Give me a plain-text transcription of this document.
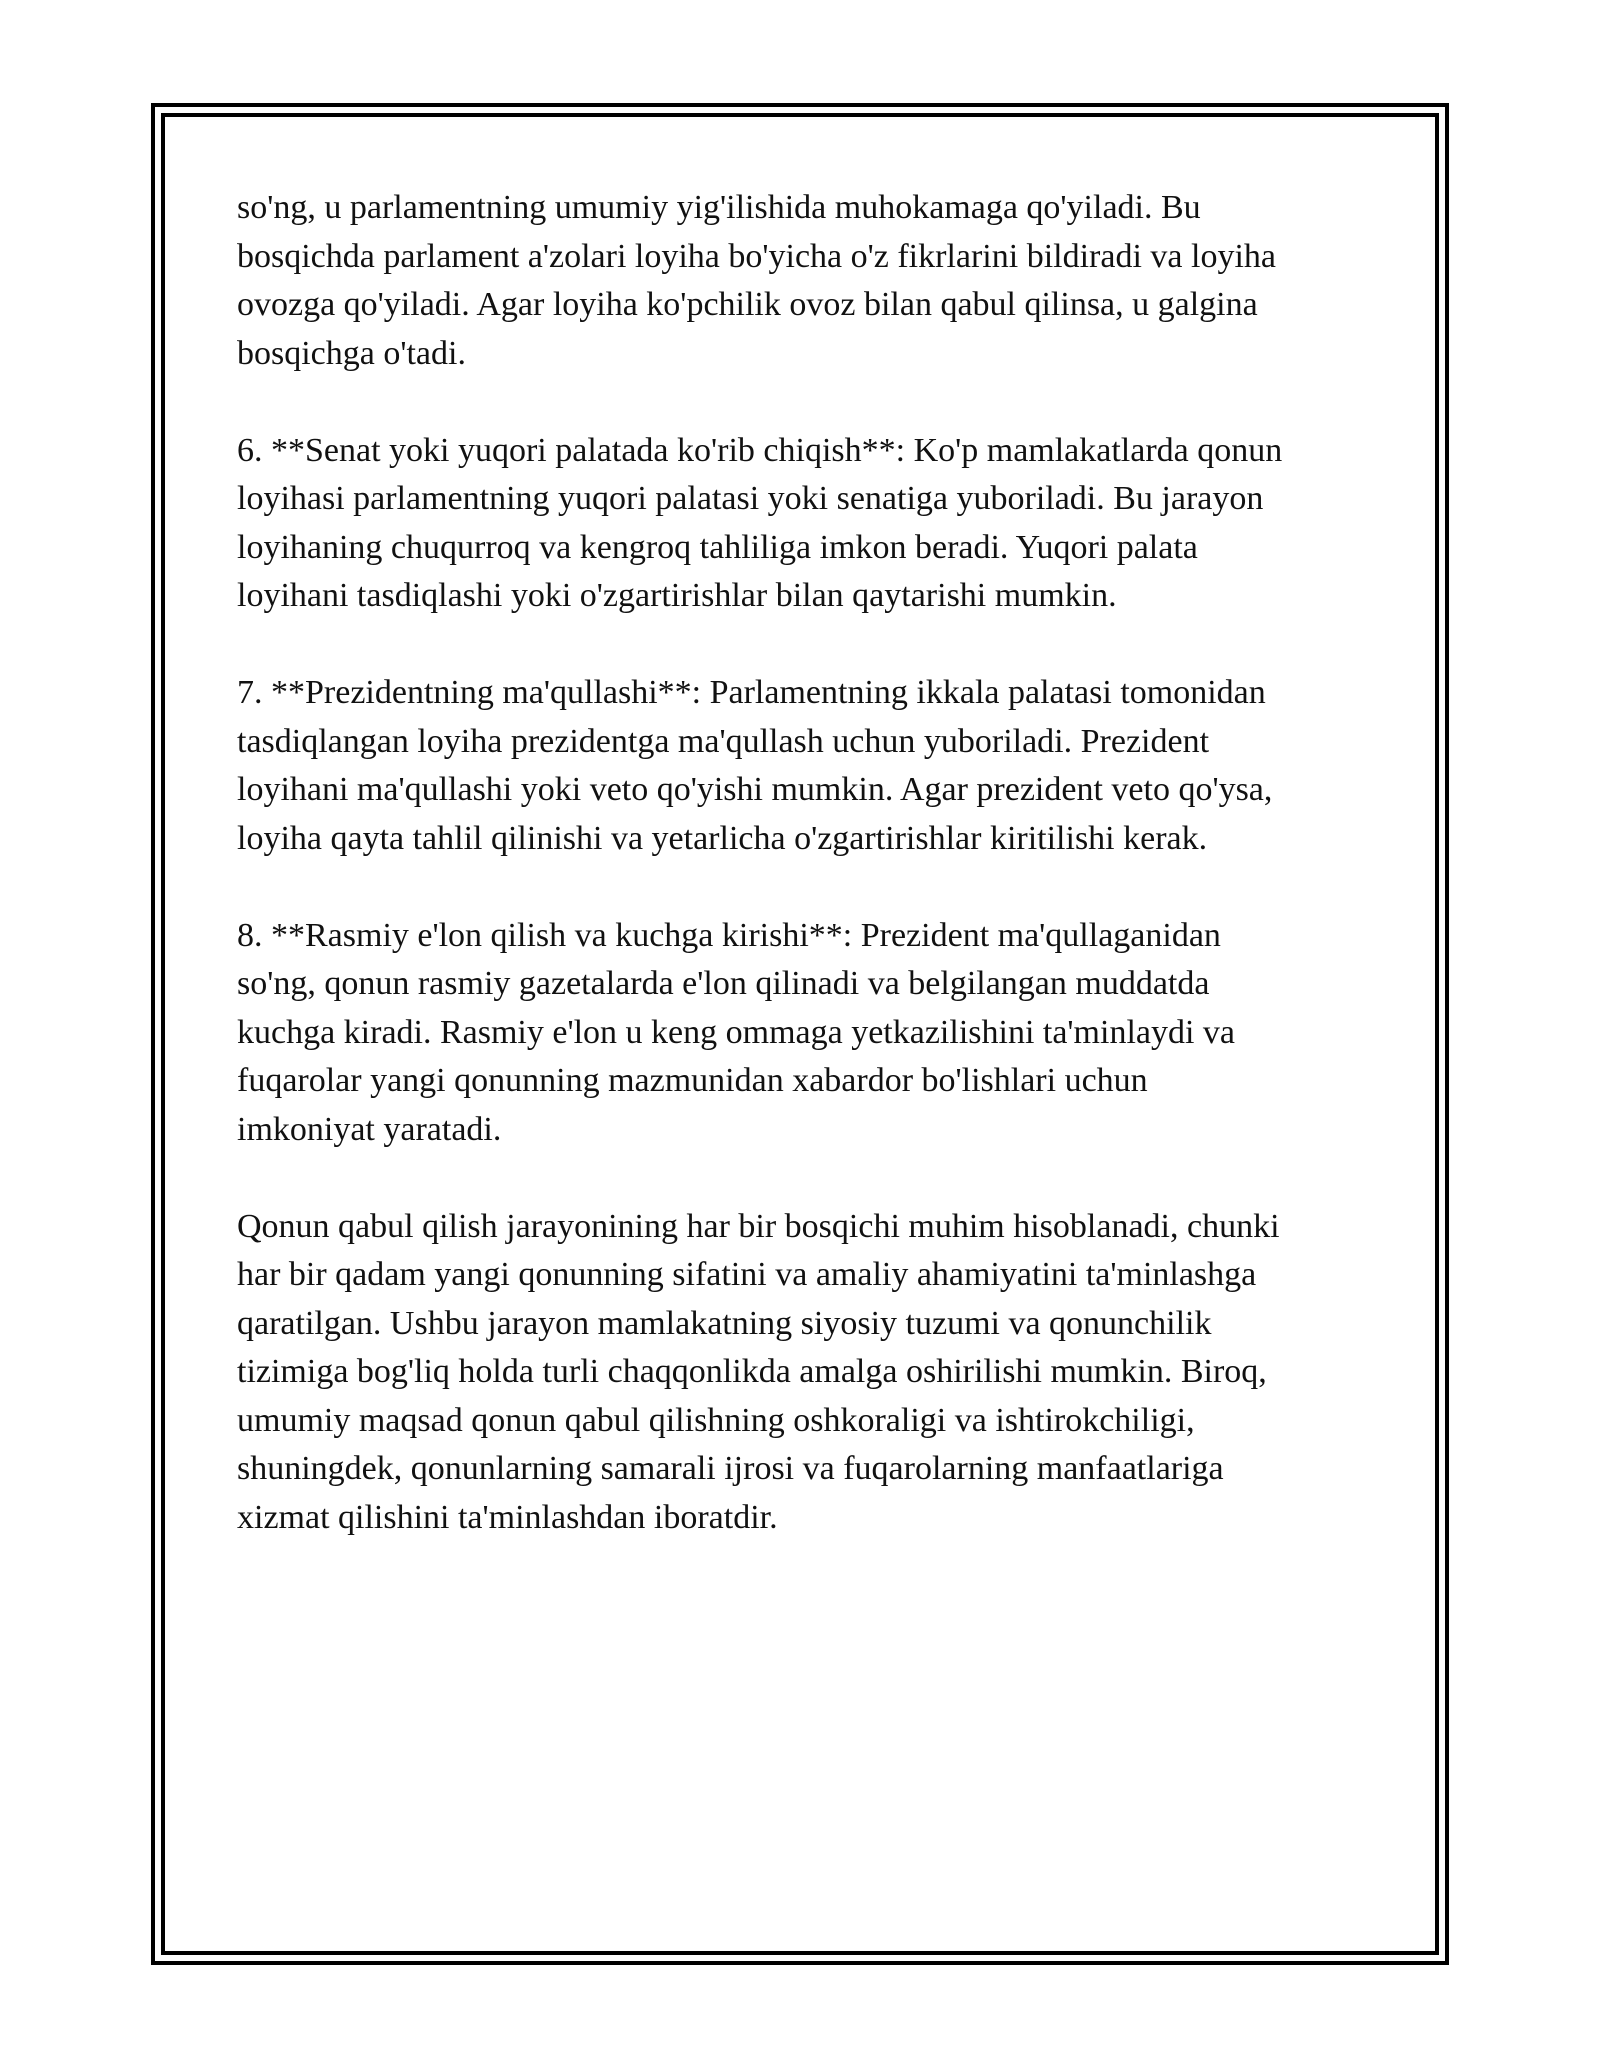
so'ng, u parlamentning umumiy yig'ilishida muhokamaga qo'yiladi. Bu
bosqichda parlament a'zolari loyiha bo'yicha o'z fikrlarini bildiradi va loyiha
ovozga qo'yiladi. Agar loyiha ko'pchilik ovoz bilan qabul qilinsa, u galgina
bosqichga o'tadi.

6. **Senat yoki yuqori palatada ko'rib chiqish**: Ko'p mamlakatlarda qonun
loyihasi parlamentning yuqori palatasi yoki senatiga yuboriladi. Bu jarayon
loyihaning chuqurroq va kengroq tahliliga imkon beradi. Yuqori palata
loyihani tasdiqlashi yoki o'zgartirishlar bilan qaytarishi mumkin.

7. **Prezidentning ma'qullashi**: Parlamentning ikkala palatasi tomonidan
tasdiqlangan loyiha prezidentga ma'qullash uchun yuboriladi. Prezident
loyihani ma'qullashi yoki veto qo'yishi mumkin. Agar prezident veto qo'ysa,
loyiha qayta tahlil qilinishi va yetarlicha o'zgartirishlar kiritilishi kerak.

8. **Rasmiy e'lon qilish va kuchga kirishi**: Prezident ma'qullaganidan
so'ng, qonun rasmiy gazetalarda e'lon qilinadi va belgilangan muddatda
kuchga kiradi. Rasmiy e'lon u keng ommaga yetkazilishini ta'minlaydi va
fuqarolar yangi qonunning mazmunidan xabardor bo'lishlari uchun
imkoniyat yaratadi.

Qonun qabul qilish jarayonining har bir bosqichi muhim hisoblanadi, chunki
har bir qadam yangi qonunning sifatini va amaliy ahamiyatini ta'minlashga
qaratilgan. Ushbu jarayon mamlakatning siyosiy tuzumi va qonunchilik
tizimiga bog'liq holda turli chaqqonlikda amalga oshirilishi mumkin. Biroq,
umumiy maqsad qonun qabul qilishning oshkoraligi va ishtirokchiligi,
shuningdek, qonunlarning samarali ijrosi va fuqarolarning manfaatlariga
xizmat qilishini ta'minlashdan iboratdir.
